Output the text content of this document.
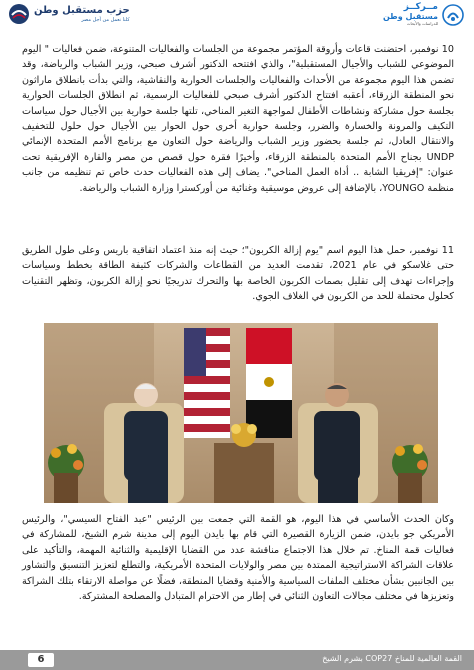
حزب مستقبل وطن
كلنا نعمل من أجل مصر
مــركــز
مستقبل وطن
للدراسات والأبحاث

10 نوفمبر، احتضنت قاعات وأروقة المؤتمر مجموعة من الجلسات والفعاليات المتنوعة، ضمن فعاليات " اليوم الموضوعي للشباب والأجيال المستقبلية"، والذي افتتحه الدكتور أشرف صبحي، وزير الشباب والرياضة، وقد تضمن هذا اليوم مجموعة من الأحداث والفعاليات والجلسات الحوارية والنقاشية، والتي بدأت بانطلاق ماراثون نحو المنطقة الزرقاء، أعقبه افتتاح الدكتور أشرف صبحي للفعاليات الرسمية، ثم انطلاق الجلسات الحوارية بجلسة حول مشاركة ونشاطات الأطفال لمواجهة التغير المناخي، تلتها جلسة حوارية بين الأجيال حول سياسات التكيف والمرونة والخسارة والضرر، وجلسة حوارية أخرى حول الحوار بين الأجيال حول حلول للتخفيف والانتقال العادل، ثم جلسة بحضور وزير الشباب والرياضة حول التعاون مع برنامج الأمم المتحدة الإنمائي UNDP بجناح الأمم المتحدة بالمنطقة الزرقاء، وأخيرًا فقرة حول قصص من مصر والقارة الإفريقية تحت عنوان: "إفريقيا الشابة .. أداة العمل المناخي". يضاف إلى هذه الفعاليات حدث خاص تم تنظيمه من جانب منظمة YOUNGO، بالإضافة إلى عروض موسيقية وغنائية من أوركسترا وزارة الشباب والرياضة.

11 نوفمبر، حمل هذا اليوم اسم "يوم إزالة الكربون"؛ حيث إنه منذ اعتماد اتفاقية باريس وعلى طول الطريق حتى غلاسكو في عام 2021، تقدمت العديد من القطاعات والشركات كثيفة الطاقة بخطط وسياسات وإجراءات تهدف إلى تقليل بصمات الكربون الخاصة بها والتحرك تدريجيًا نحو إزالة الكربون، وتظهر التقنيات كحلول محتملة للحد من الكربون في الغلاف الجوي.

وكان الحدث الأساسي في هذا اليوم، هو القمة التي جمعت بين الرئيس "عبد الفتاح السيسي"، والرئيس الأمريكي جو بايدن، ضمن الزيارة القصيرة التي قام بها بايدن اليوم إلى مدينة شرم الشيخ، للمشاركة في فعاليات قمة المناخ. تم خلال هذا الاجتماع مناقشة عدد من القضايا الإقليمية والثنائية المهمة، والتأكيد على علاقات الشراكة الاستراتيجية الممتدة بين مصر والولايات المتحدة الأمريكية، والتطلع لتعزيز التنسيق والتشاور بين الجانبين بشأن مختلف الملفات السياسية والأمنية وقضايا المنطقة، فضلًا عن مواصلة الارتقاء بتلك الشراكة وتعزيزها في مختلف مجالات التعاون الثنائي في إطار من الاحترام المتبادل والمصلحة المشتركة.

6	القمة العالمية للمناخ COP27 بشرم الشيخ
